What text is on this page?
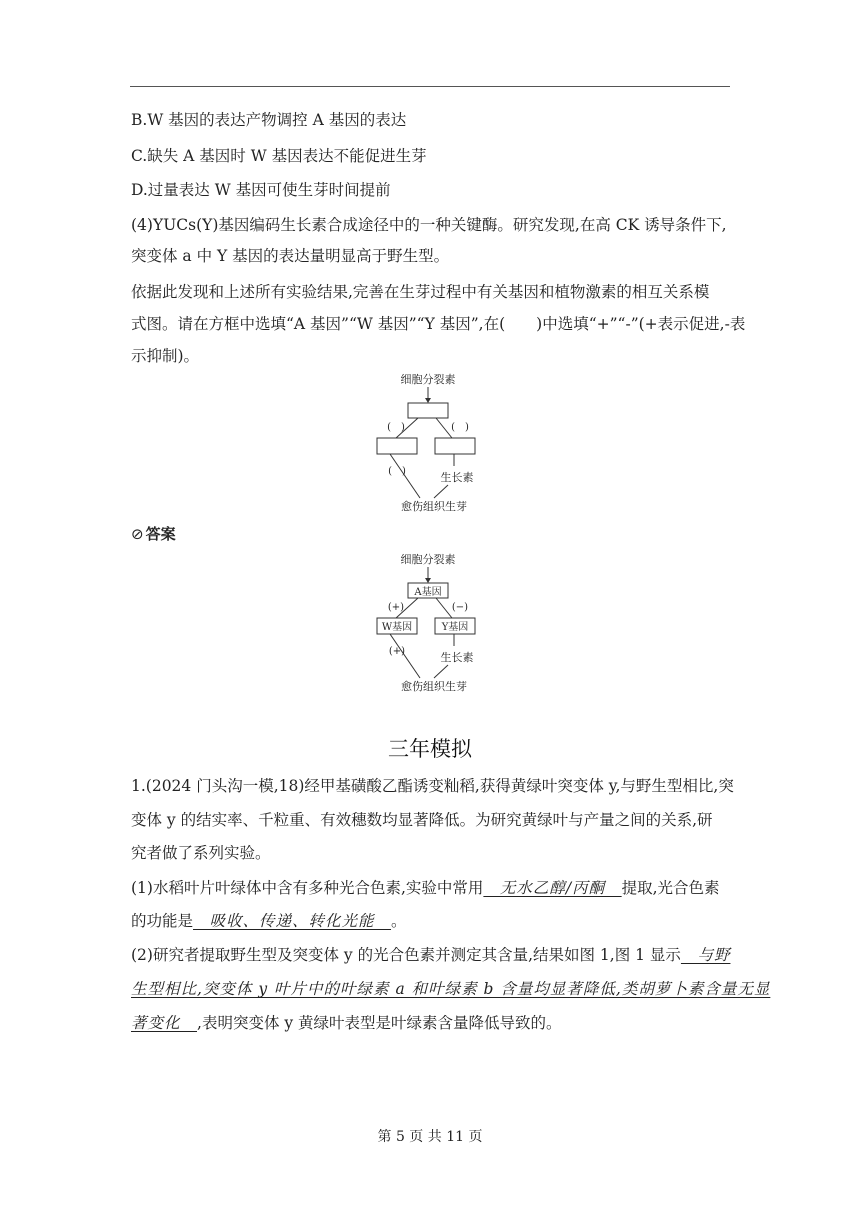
B.W 基因的表达产物调控 A 基因的表达
C.缺失 A 基因时 W 基因表达不能促进生芽
D.过量表达 W 基因可使生芽时间提前
(4)YUCs(Y)基因编码生长素合成途径中的一种关键酶。研究发现,在高 CK 诱导条件下,
突变体 a 中 Y 基因的表达量明显高于野生型。
依据此发现和上述所有实验结果,完善在生芽过程中有关基因和植物激素的相互关系模
式图。请在方框中选填“A 基因”“W 基因”“Y 基因”,在(　　)中选填“+”“-”(+表示促进,-表
示抑制)。
细胞分裂素
(　)	(　)
(　)	生长素
愈伤组织生芽
⊘ 答案
细胞分裂素
A基因
(+)	(−)
W基因	Y基因
(+)	生长素
愈伤组织生芽
三年模拟
1.(2024 门头沟一模,18)经甲基磺酸乙酯诱变籼稻,获得黄绿叶突变体 y,与野生型相比,突
变体 y 的结实率、千粒重、有效穗数均显著降低。为研究黄绿叶与产量之间的关系,研
究者做了系列实验。
(1)水稻叶片叶绿体中含有多种光合色素,实验中常用　无水乙醇/丙酮　提取,光合色素
的功能是　吸收、传递、转化光能　。
(2)研究者提取野生型及突变体 y 的光合色素并测定其含量,结果如图 1,图 1 显示　与野
生型相比,突变体 y 叶片中的叶绿素 a 和叶绿素 b 含量均显著降低,类胡萝卜素含量无显
著变化　,表明突变体 y 黄绿叶表型是叶绿素含量降低导致的。
第 5 页 共 11 页
